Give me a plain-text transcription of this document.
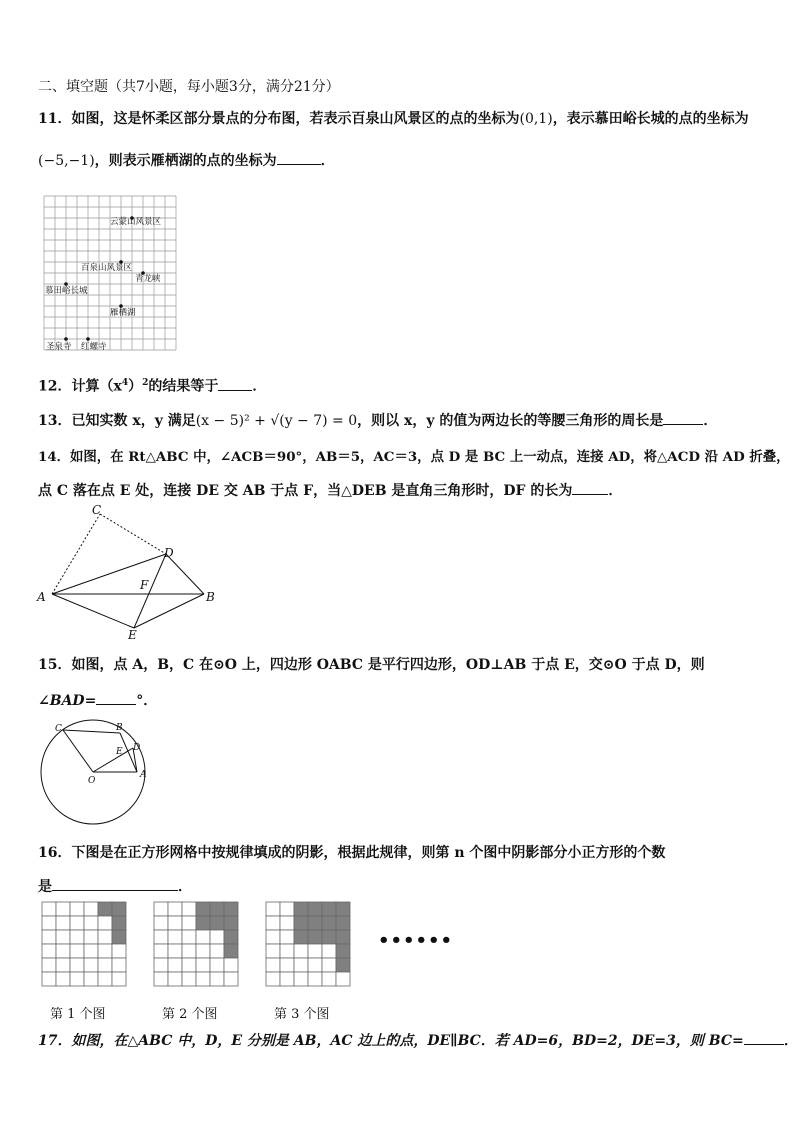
二、填空题（共7小题，每小题3分，满分21分）
11．如图，这是怀柔区部分景点的分布图，若表示百泉山风景区的点的坐标为(0,1)，表示慕田峪长城的点的坐标为
(−5,−1)，则表示雁栖湖的点的坐标为	．
云蒙山风景区
百泉山风景区
青龙峡
慕田峪长城
雁栖湖
圣泉寺 红螺寺
12．计算$(x^4)^2$的结果等于 ．
13．已知实数 x，y 满足(x − 5)² + √(y − 7) = 0，则以 x，y 的值为两边长的等腰三角形的周长是	．
14．如图，在 Rt△ABC 中，∠ACB＝90°，AB＝5，AC＝3，点 D 是 BC 上一动点，连接 AD，将△ACD 沿 AD 折叠，
点 C 落在点 E 处，连接 DE 交 AB 于点 F，当△DEB 是直角三角形时，DF 的长为	．
A	B
C
D
E
F
15．如图，点 A，B，C 在⊙O 上，四边形 OABC 是平行四边形，OD⊥AB 于点 E，交⊙O 于点 D，则
∠BAD=	°．
A
B
C
D
E
O
16．下图是在正方形网格中按规律填成的阴影，根据此规律，则第 n 个图中阴影部分小正方形的个数
是	．
••••••
第 1 个图	第 2 个图	第 3 个图
17．如图，在△ABC 中，D，E 分别是 AB，AC 边上的点，DE∥BC．若 AD=6，BD=2，DE=3，则 BC=	．
